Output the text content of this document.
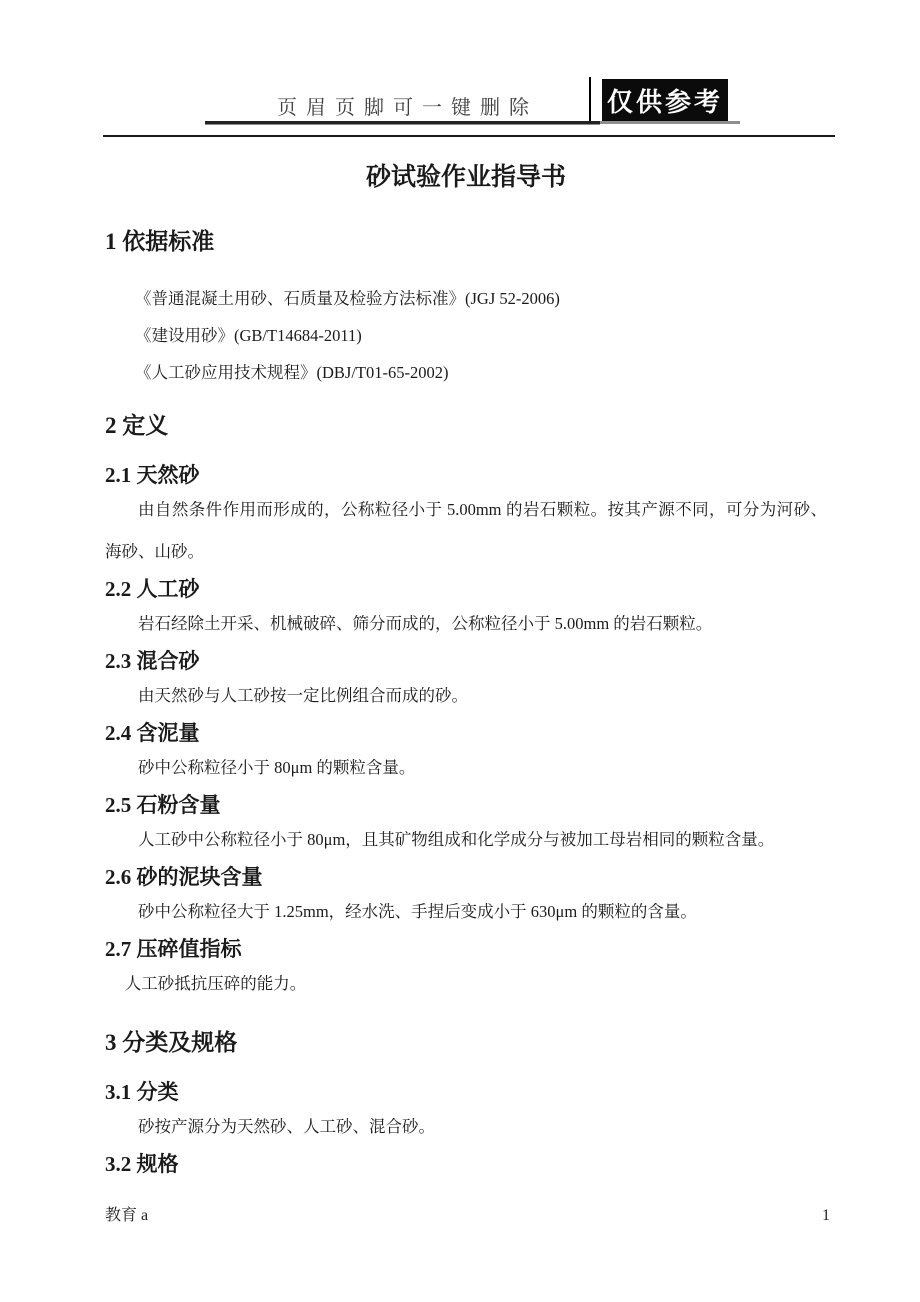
页眉页脚可一键删除	仅供参考
砂试验作业指导书
1 依据标准
《普通混凝土用砂、石质量及检验方法标准》(JGJ 52-2006)
《建设用砂》(GB/T14684-2011)
《人工砂应用技术规程》(DBJ/T01-65-2002)
2 定义
2.1 天然砂

由自然条件作用而形成的，公称粒径小于 5.00mm 的岩石颗粒。按其产源不同，可分为河砂、海砂、山砂。

2.2 人工砂

岩石经除土开采、机械破碎、筛分而成的，公称粒径小于 5.00mm 的岩石颗粒。

2.3 混合砂

由天然砂与人工砂按一定比例组合而成的砂。

2.4 含泥量

砂中公称粒径小于 80μm 的颗粒含量。

2.5 石粉含量

人工砂中公称粒径小于 80μm，且其矿物组成和化学成分与被加工母岩相同的颗粒含量。

2.6 砂的泥块含量

砂中公称粒径大于 1.25mm，经水洗、手捏后变成小于 630μm 的颗粒的含量。

2.7 压碎值指标

人工砂抵抗压碎的能力。

3 分类及规格
3.1 分类

砂按产源分为天然砂、人工砂、混合砂。

3.2 规格
教育 a	1
